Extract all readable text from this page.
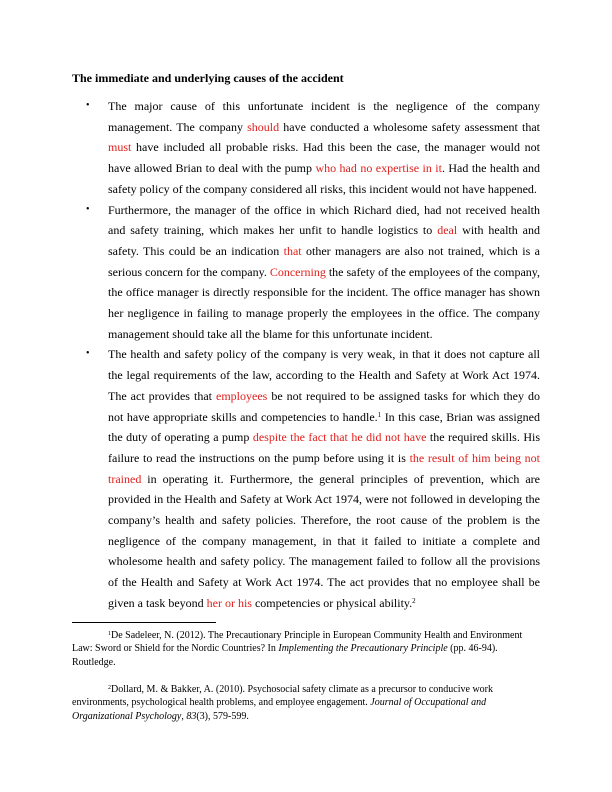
The immediate and underlying causes of the accident

• The major cause of this unfortunate incident is the negligence of the company management. The company should have conducted a wholesome safety assessment that must have included all probable risks. Had this been the case, the manager would not have allowed Brian to deal with the pump who had no expertise in it. Had the health and safety policy of the company considered all risks, this incident would not have happened.
• Furthermore, the manager of the office in which Richard died, had not received health and safety training, which makes her unfit to handle logistics to deal with health and safety. This could be an indication that other managers are also not trained, which is a serious concern for the company. Concerning the safety of the employees of the company, the office manager is directly responsible for the incident. The office manager has shown her negligence in failing to manage properly the employees in the office. The company management should take all the blame for this unfortunate incident.
• The health and safety policy of the company is very weak, in that it does not capture all the legal requirements of the law, according to the Health and Safety at Work Act 1974. The act provides that employees be not required to be assigned tasks for which they do not have appropriate skills and competencies to handle.$^1$ In this case, Brian was assigned the duty of operating a pump despite the fact that he did not have the required skills. His failure to read the instructions on the pump before using it is the result of him being not trained in operating it. Furthermore, the general principles of prevention, which are provided in the Health and Safety at Work Act 1974, were not followed in developing the company’s health and safety policies. Therefore, the root cause of the problem is the negligence of the company management, in that it failed to initiate a complete and wholesome health and safety policy. The management failed to follow all the provisions of the Health and Safety at Work Act 1974. The act provides that no employee shall be given a task beyond her or his competencies or physical ability.$^2$

$^1$De Sadeleer, N. (2012). The Precautionary Principle in European Community Health and Environment Law: Sword or Shield for the Nordic Countries? In Implementing the Precautionary Principle (pp. 46-94). Routledge.

$^2$Dollard, M. & Bakker, A. (2010). Psychosocial safety climate as a precursor to conducive work environments, psychological health problems, and employee engagement. Journal of Occupational and Organizational Psychology, 83(3), 579-599.
